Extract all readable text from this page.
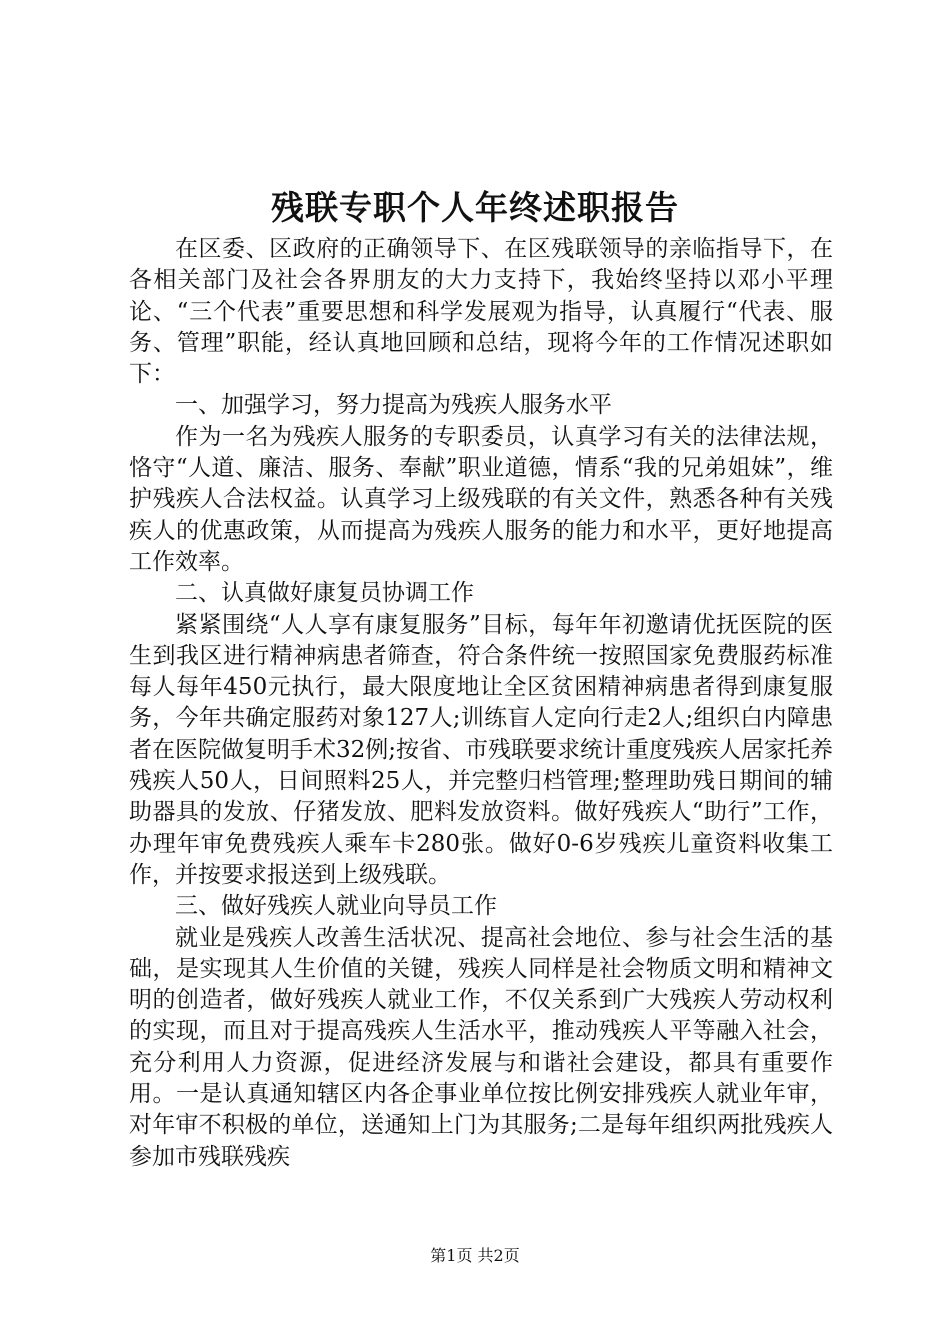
残联专职个人年终述职报告

在区委、区政府的正确领导下、在区残联领导的亲临指导下，在各相关部门及社会各界朋友的大力支持下，我始终坚持以邓小平理论、“三个代表”重要思想和科学发展观为指导，认真履行“代表、服务、管理”职能，经认真地回顾和总结，现将今年的工作情况述职如下：

一、加强学习，努力提高为残疾人服务水平

作为一名为残疾人服务的专职委员，认真学习有关的法律法规，恪守“人道、廉洁、服务、奉献”职业道德，情系“我的兄弟姐妹”，维护残疾人合法权益。认真学习上级残联的有关文件，熟悉各种有关残疾人的优惠政策，从而提高为残疾人服务的能力和水平，更好地提高工作效率。

二、认真做好康复员协调工作

紧紧围绕“人人享有康复服务”目标，每年年初邀请优抚医院的医生到我区进行精神病患者筛查，符合条件统一按照国家免费服药标准每人每年450元执行，最大限度地让全区贫困精神病患者得到康复服务，今年共确定服药对象127人;训练盲人定向行走2人;组织白内障患者在医院做复明手术32例;按省、市残联要求统计重度残疾人居家托养残疾人50人，日间照料25人，并完整归档管理;整理助残日期间的辅助器具的发放、仔猪发放、肥料发放资料。做好残疾人“助行”工作，办理年审免费残疾人乘车卡280张。做好0-6岁残疾儿童资料收集工作，并按要求报送到上级残联。

三、做好残疾人就业向导员工作

就业是残疾人改善生活状况、提高社会地位、参与社会生活的基础，是实现其人生价值的关键，残疾人同样是社会物质文明和精神文明的创造者，做好残疾人就业工作，不仅关系到广大残疾人劳动权利的实现，而且对于提高残疾人生活水平，推动残疾人平等融入社会，充分利用人力资源，促进经济发展与和谐社会建设，都具有重要作用。一是认真通知辖区内各企事业单位按比例安排残疾人就业年审，对年审不积极的单位，送通知上门为其服务;二是每年组织两批残疾人参加市残联残疾

第1页 共2页
